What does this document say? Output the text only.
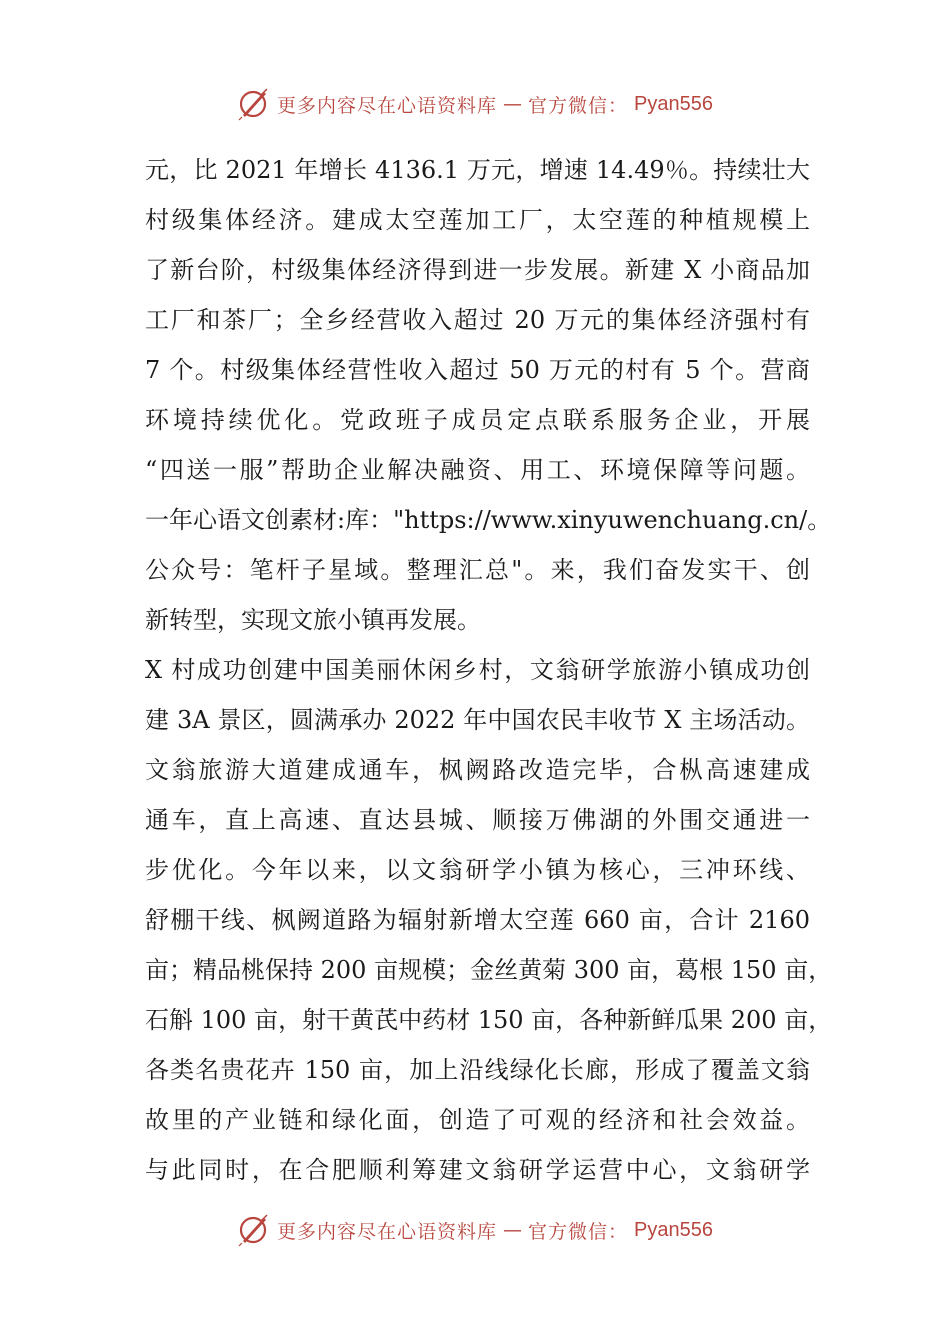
更多内容尽在心语资料库 — 官方微信： Pyan556
元，比 2021 年增长 4136.1 万元，增速 14.49％。持续壮大
村级集体经济。建成太空莲加工厂，太空莲的种植规模上
了新台阶，村级集体经济得到进一步发展。新建 X 小商品加
工厂和茶厂；全乡经营收入超过 20 万元的集体经济强村有
7 个。村级集体经营性收入超过 50 万元的村有 5 个。营商
环境持续优化。党政班子成员定点联系服务企业，开展
“四送一服”帮助企业解决融资、用工、环境保障等问题。
一年心语文创素材:库："https://www.xinyuwenchuang.cn/。
公众号：笔杆子星域。整理汇总"。来，我们奋发实干、创
新转型，实现文旅小镇再发展。
X 村成功创建中国美丽休闲乡村，文翁研学旅游小镇成功创
建 3A 景区，圆满承办 2022 年中国农民丰收节 X 主场活动。
文翁旅游大道建成通车，枫阙路改造完毕，合枞高速建成
通车，直上高速、直达县城、顺接万佛湖的外围交通进一
步优化。今年以来，以文翁研学小镇为核心，三冲环线、
舒棚干线、枫阙道路为辐射新增太空莲 660 亩，合计 2160
亩；精品桃保持 200 亩规模；金丝黄菊 300 亩，葛根 150 亩，
石斛 100 亩，射干黄芪中药材 150 亩，各种新鲜瓜果 200 亩，
各类名贵花卉 150 亩，加上沿线绿化长廊，形成了覆盖文翁
故里的产业链和绿化面，创造了可观的经济和社会效益。
与此同时，在合肥顺利筹建文翁研学运营中心，文翁研学
更多内容尽在心语资料库 — 官方微信： Pyan556
